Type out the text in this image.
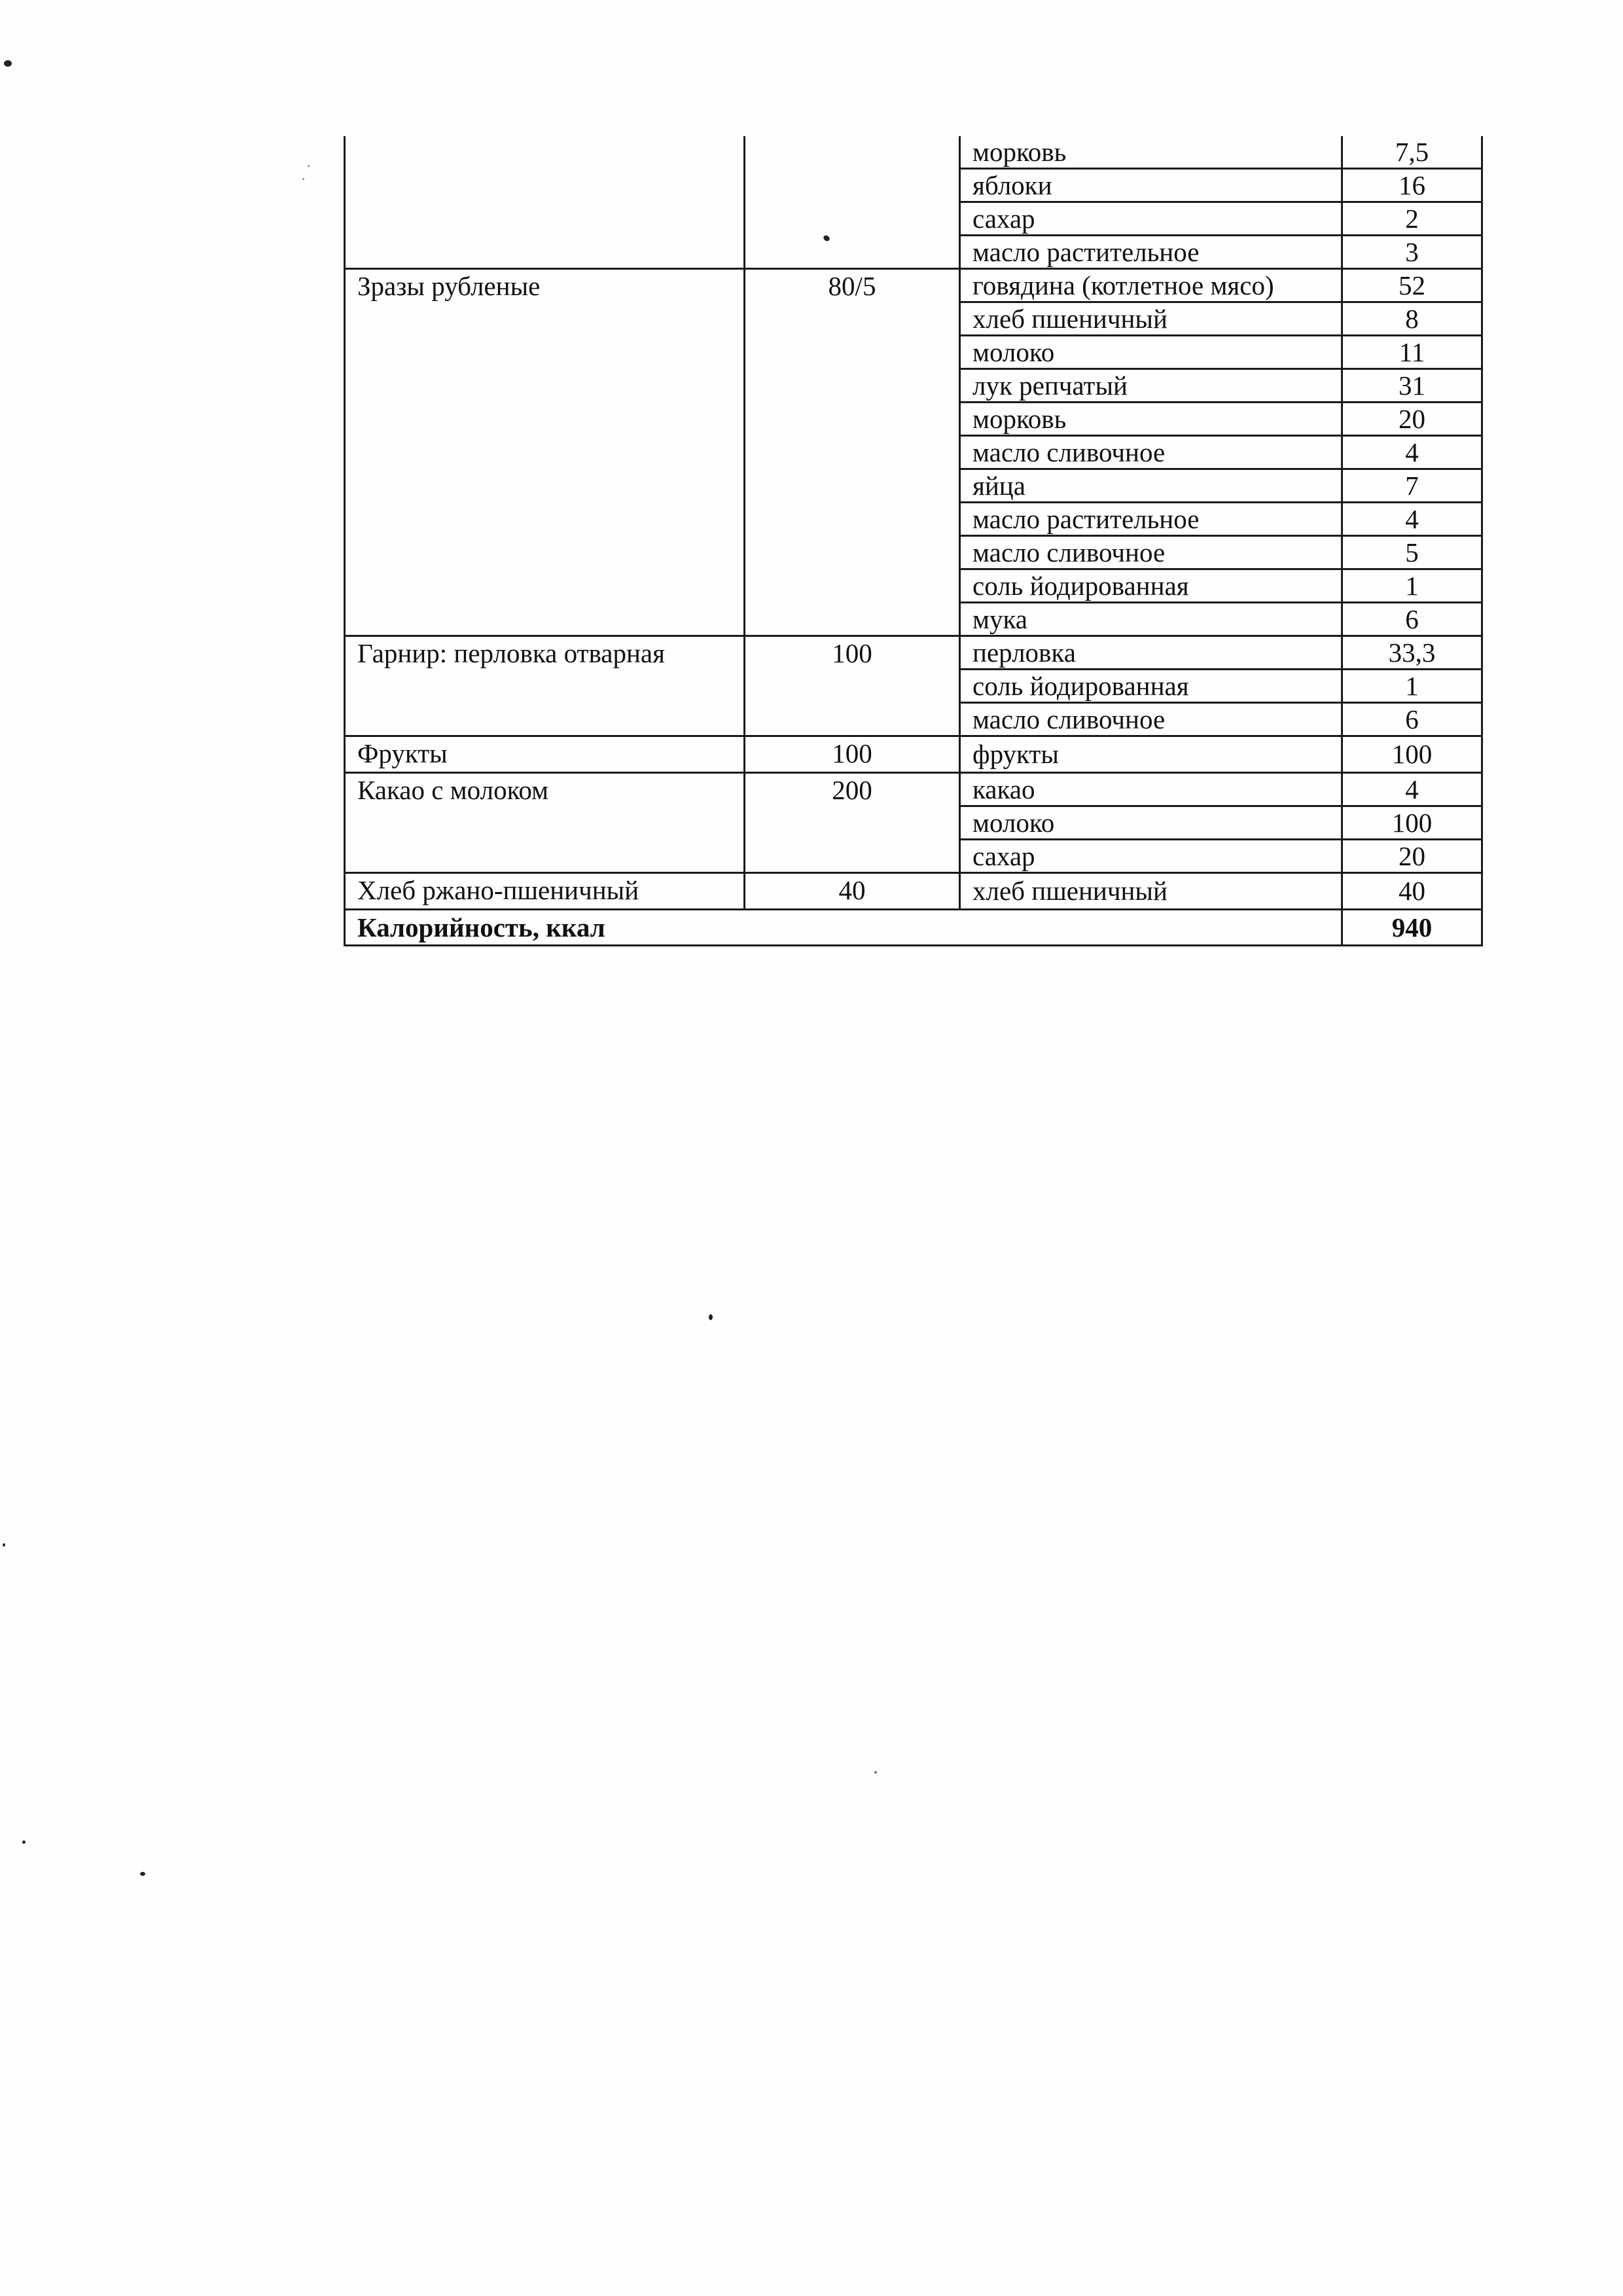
		морковь	7,5
		яблоки	16
		сахар	2
		масло растительное	3
Зразы рубленые	80/5	говядина (котлетное мясо)	52
		хлеб пшеничный	8
		молоко	11
		лук репчатый	31
		морковь	20
		масло сливочное	4
		яйца	7
		масло растительное	4
		масло сливочное	5
		соль йодированная	1
		мука	6
Гарнир: перловка отварная	100	перловка	33,3
		соль йодированная	1
		масло сливочное	6
Фрукты	100	фрукты	100
Какао с молоком	200	какао	4
		молоко	100
		сахар	20
Хлеб ржано-пшеничный	40	хлеб пшеничный	40
Калорийность, ккал			940
